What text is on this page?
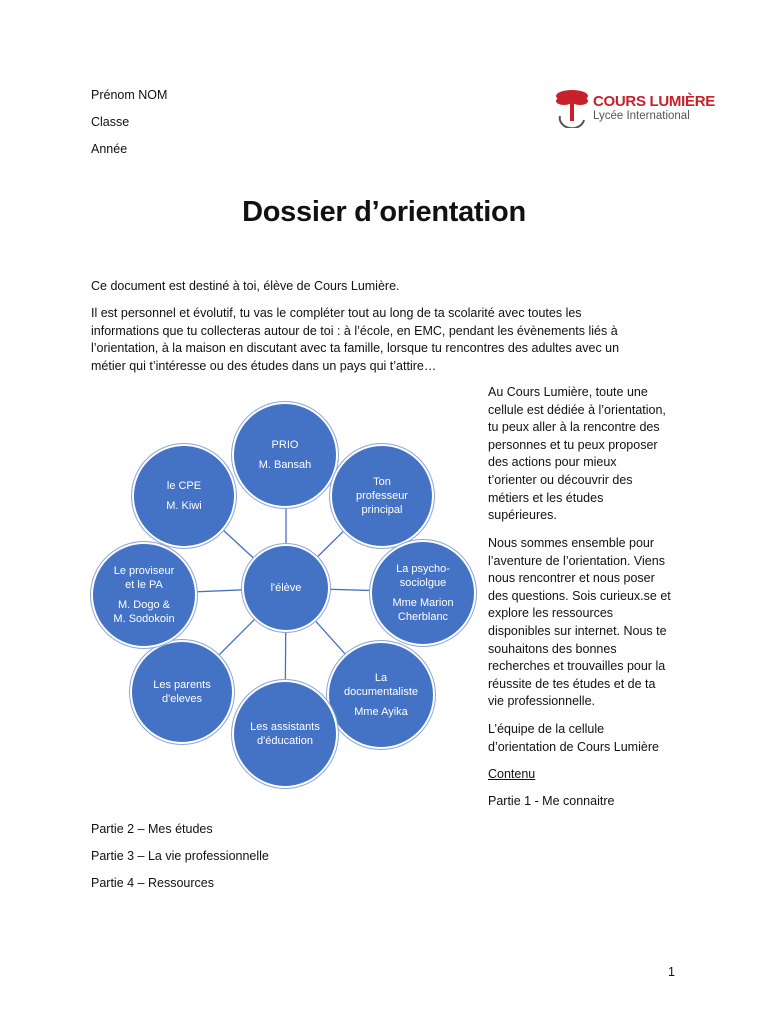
Prénom NOM
Classe
Année
COURS LUMIÈRE
Lycée International
Dossier d’orientation

Ce document est destiné à toi, élève de Cours Lumière.

Il est personnel et évolutif, tu vas le compléter tout au long de ta scolarité avec toutes les
informations que tu collecteras autour de toi : à l’école, en EMC, pendant les évènements liés à
l’orientation, à la maison en discutant avec ta famille, lorsque tu rencontres des adultes avec un
métier qui t’intéresse ou des études dans un pays qui t’attire…
PRIO
M. Bansah
Ton
professeur
principal
La psycho-
sociolgue
Mme Marion
Cherblanc
La
documentaliste
Mme Ayika
Les assistants
d'éducation
Les parents
d'eleves
Le proviseur
et le PA
M. Dogo &
M. Sodokoin
le CPE
M. Kiwi
l'élève
Au Cours Lumière, toute une
cellule est dédiée à l’orientation,
tu peux aller à la rencontre des
personnes et tu peux proposer
des actions pour mieux
t’orienter ou découvrir des
métiers et les études
supérieures.
Nous sommes ensemble pour
l’aventure de l’orientation. Viens
nous rencontrer et nous poser
des questions. Sois curieux.se et
explore les ressources
disponibles sur internet. Nous te
souhaitons des bonnes
recherches et trouvailles pour la
réussite de tes études et de ta
vie professionnelle.
L’équipe de la cellule
d’orientation de Cours Lumière
Contenu
Partie 1 - Me connaitre
Partie 2 – Mes études
Partie 3 – La vie professionnelle
Partie 4 – Ressources
1
